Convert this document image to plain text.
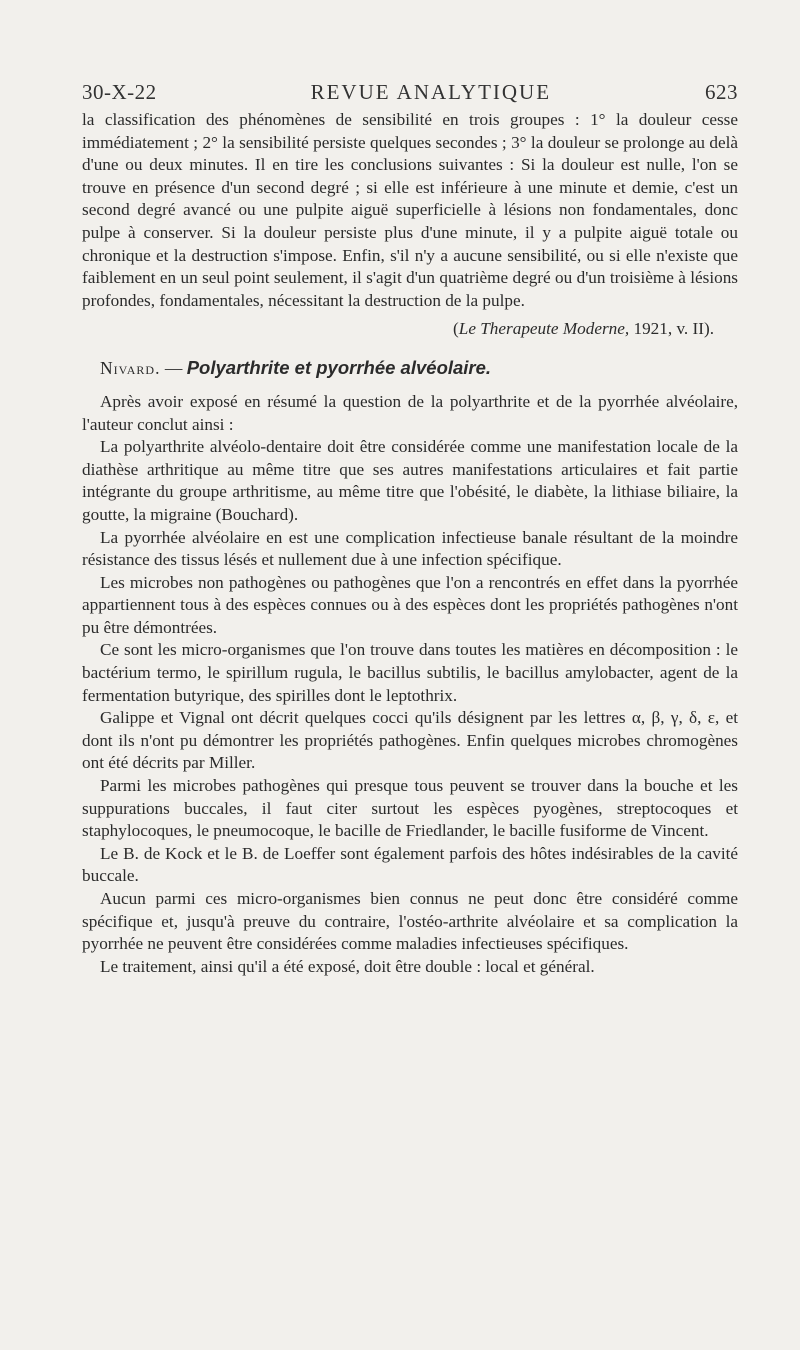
30-X-22	REVUE ANALYTIQUE	623

la classification des phénomènes de sensibilité en trois groupes : 1° la douleur cesse immédiatement ; 2° la sensibilité persiste quelques secondes ; 3° la douleur se prolonge au delà d'une ou deux minutes. Il en tire les conclusions suivantes : Si la douleur est nulle, l'on se trouve en présence d'un second degré ; si elle est inférieure à une minute et demie, c'est un second degré avancé ou une pulpite aiguë superficielle à lésions non fondamentales, donc pulpe à conserver. Si la douleur persiste plus d'une minute, il y a pulpite aiguë totale ou chronique et la destruction s'impose. Enfin, s'il n'y a aucune sensibilité, ou si elle n'existe que faiblement en un seul point seulement, il s'agit d'un quatrième degré ou d'un troisième à lésions profondes, fondamentales, nécessitant la destruction de la pulpe.

(Le Therapeute Moderne, 1921, v. II).

Nivard. — Polyarthrite et pyorrhée alvéolaire.

Après avoir exposé en résumé la question de la polyarthrite et de la pyorrhée alvéolaire, l'auteur conclut ainsi :

La polyarthrite alvéolo-dentaire doit être considérée comme une manifestation locale de la diathèse arthritique au même titre que ses autres manifestations articulaires et fait partie intégrante du groupe arthritisme, au même titre que l'obésité, le diabète, la lithiase biliaire, la goutte, la migraine (Bouchard).

La pyorrhée alvéolaire en est une complication infectieuse banale résultant de la moindre résistance des tissus lésés et nullement due à une infection spécifique.

Les microbes non pathogènes ou pathogènes que l'on a rencontrés en effet dans la pyorrhée appartiennent tous à des espèces connues ou à des espèces dont les propriétés pathogènes n'ont pu être démontrées.

Ce sont les micro-organismes que l'on trouve dans toutes les matières en décomposition : le bactérium termo, le spirillum rugula, le bacillus subtilis, le bacillus amylobacter, agent de la fermentation butyrique, des spirilles dont le leptothrix.

Galippe et Vignal ont décrit quelques cocci qu'ils désignent par les lettres α, β, γ, δ, ε, et dont ils n'ont pu démontrer les propriétés pathogènes. Enfin quelques microbes chromogènes ont été décrits par Miller.

Parmi les microbes pathogènes qui presque tous peuvent se trouver dans la bouche et les suppurations buccales, il faut citer surtout les espèces pyogènes, streptocoques et staphylocoques, le pneumocoque, le bacille de Friedlander, le bacille fusiforme de Vincent.

Le B. de Kock et le B. de Loeffer sont également parfois des hôtes indésirables de la cavité buccale.

Aucun parmi ces micro-organismes bien connus ne peut donc être considéré comme spécifique et, jusqu'à preuve du contraire, l'ostéo-arthrite alvéolaire et sa complication la pyorrhée ne peuvent être considérées comme maladies infectieuses spécifiques.

Le traitement, ainsi qu'il a été exposé, doit être double : local et général.
